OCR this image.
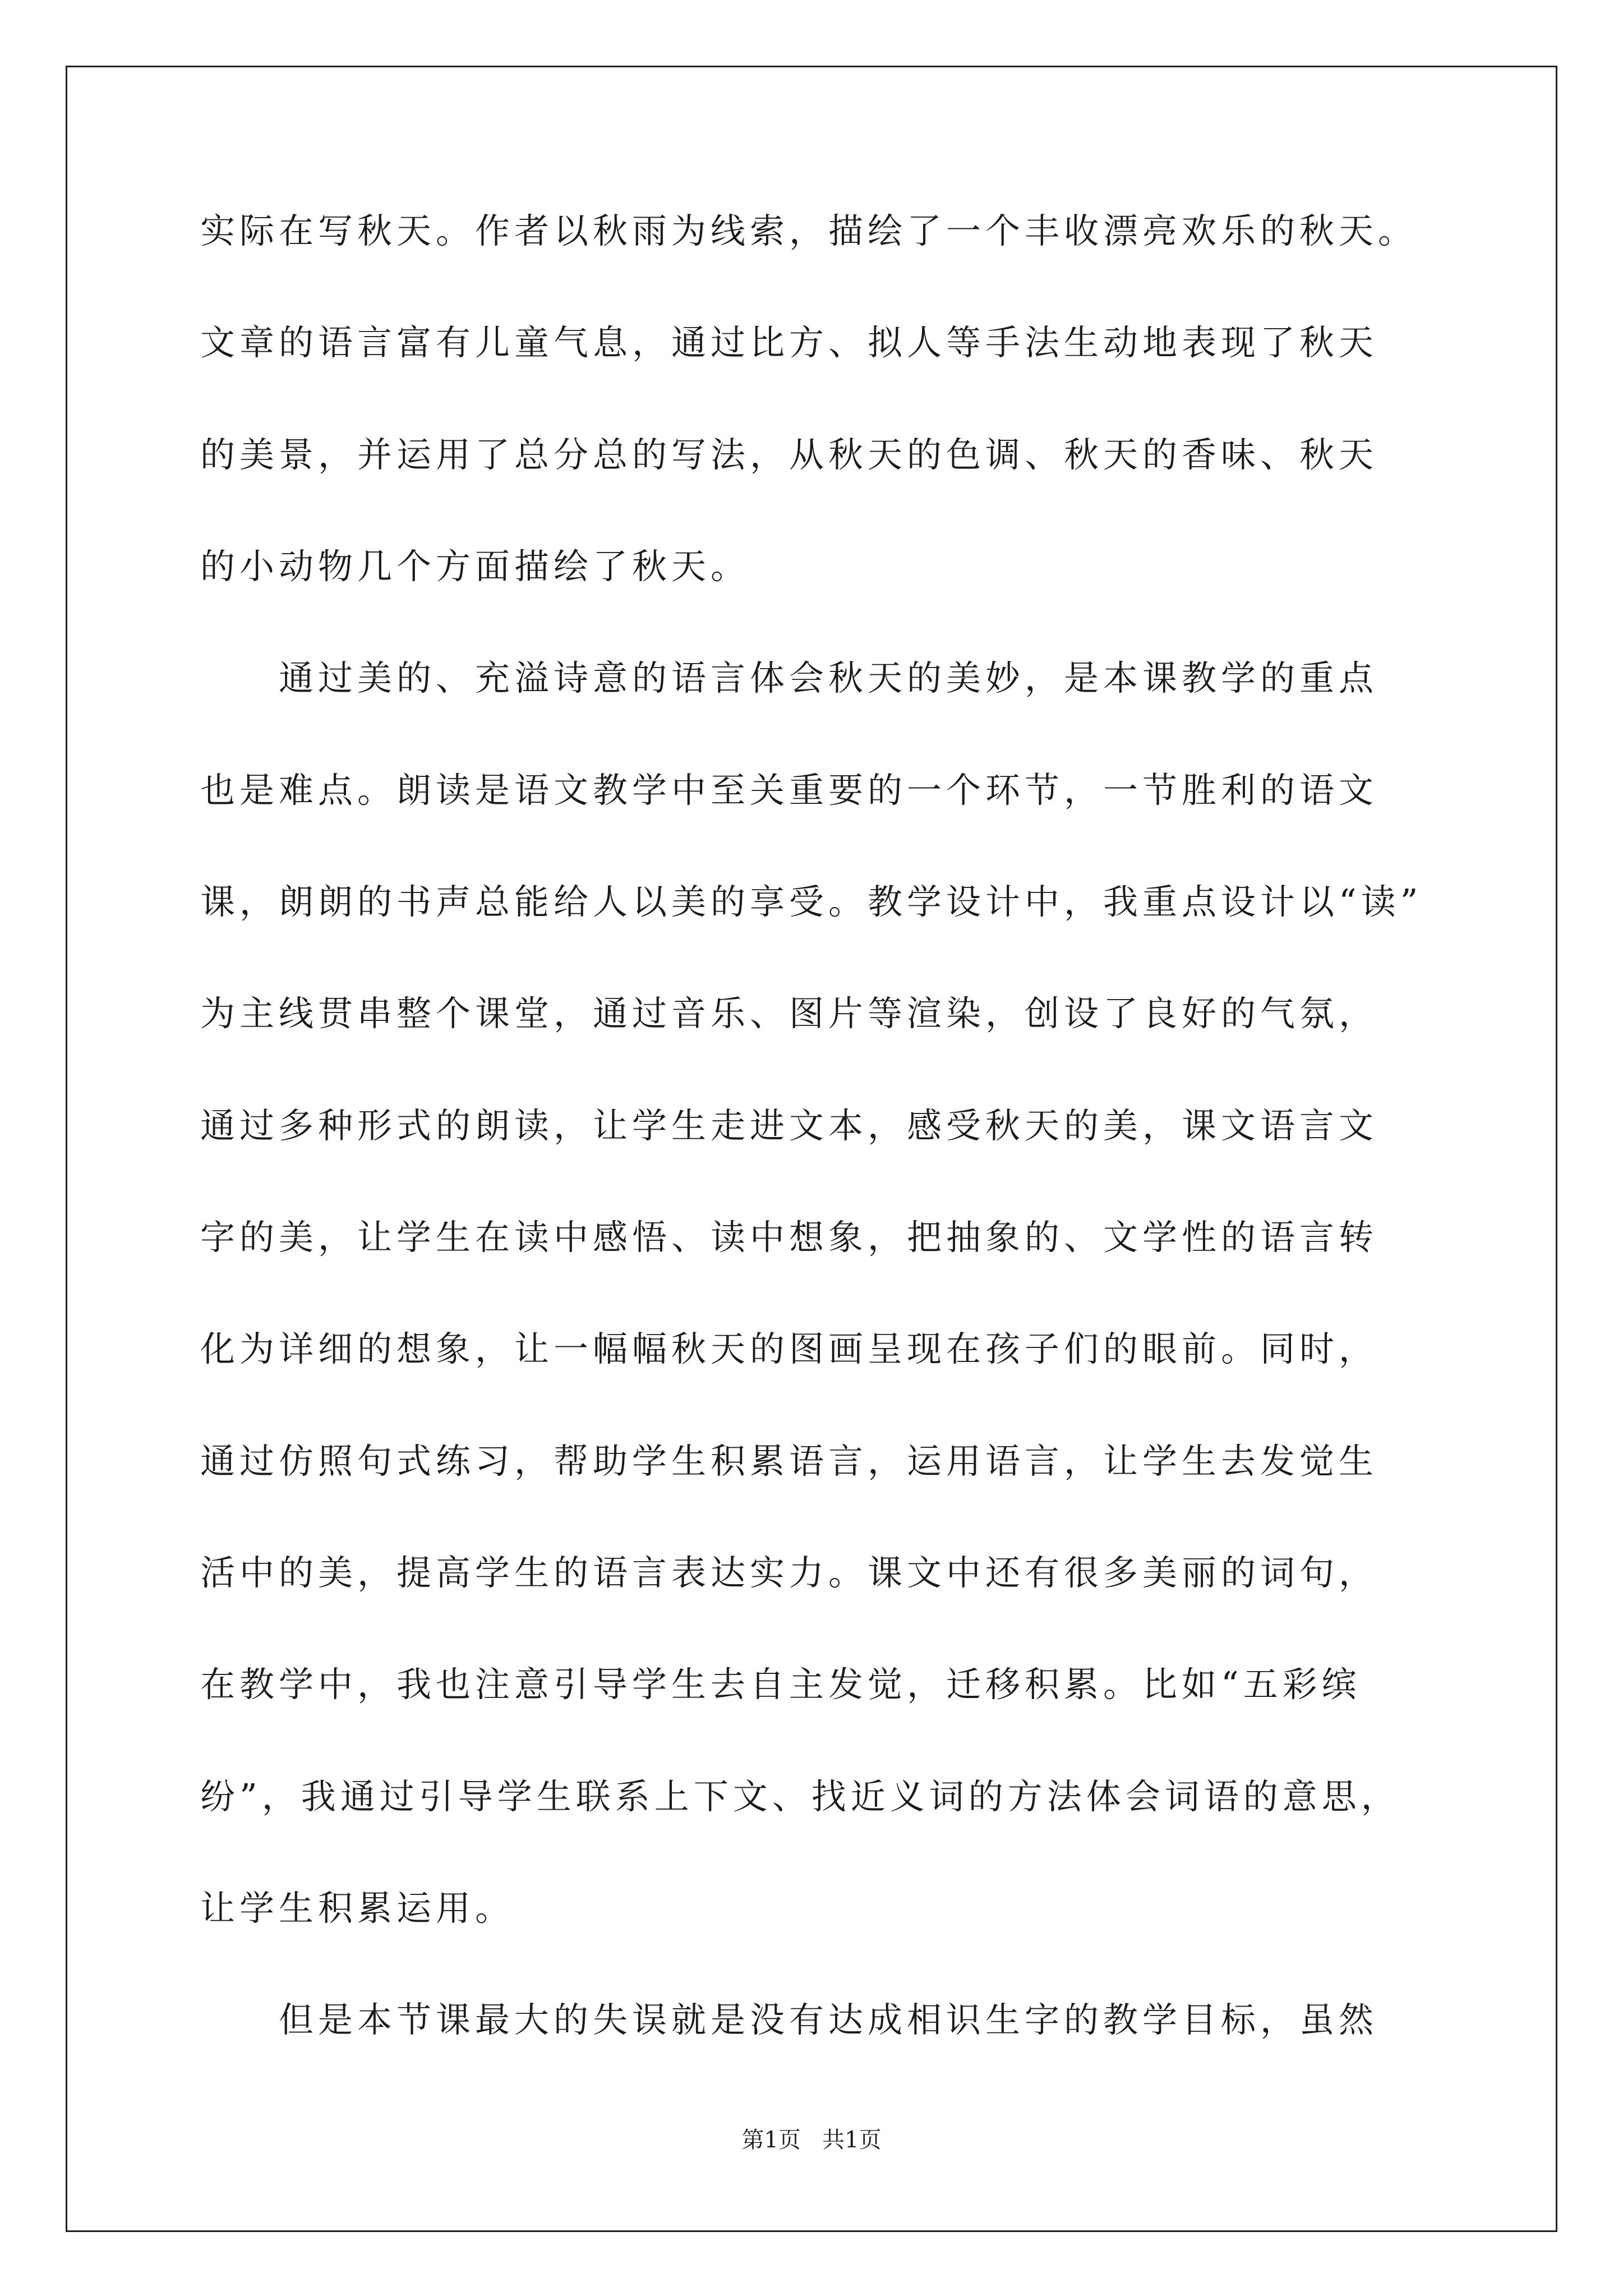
实际在写秋天。作者以秋雨为线索，描绘了一个丰收漂亮欢乐的秋天。
文章的语言富有儿童气息，通过比方、拟人等手法生动地表现了秋天
的美景，并运用了总分总的写法，从秋天的色调、秋天的香味、秋天
的小动物几个方面描绘了秋天。
通过美的、充溢诗意的语言体会秋天的美妙，是本课教学的重点
也是难点。朗读是语文教学中至关重要的一个环节，一节胜利的语文
课，朗朗的书声总能给人以美的享受。教学设计中，我重点设计以“读”
为主线贯串整个课堂，通过音乐、图片等渲染，创设了良好的气氛，
通过多种形式的朗读，让学生走进文本，感受秋天的美，课文语言文
字的美，让学生在读中感悟、读中想象，把抽象的、文学性的语言转
化为详细的想象，让一幅幅秋天的图画呈现在孩子们的眼前。同时，
通过仿照句式练习，帮助学生积累语言，运用语言，让学生去发觉生
活中的美，提高学生的语言表达实力。课文中还有很多美丽的词句，
在教学中，我也注意引导学生去自主发觉，迁移积累。比如“五彩缤
纷”，我通过引导学生联系上下文、找近义词的方法体会词语的意思，
让学生积累运用。
但是本节课最大的失误就是没有达成相识生字的教学目标，虽然
第1页   共1页
